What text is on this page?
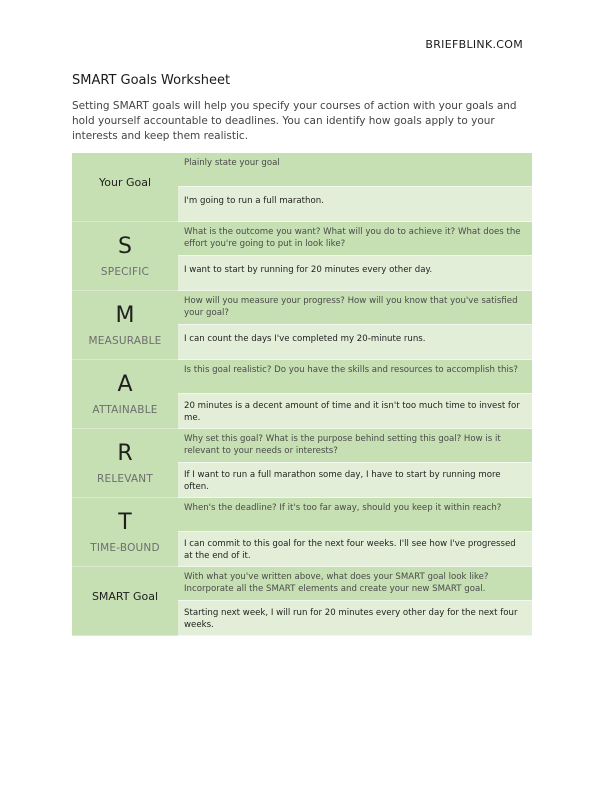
BRIEFBLINK.COM
SMART Goals Worksheet
Setting SMART goals will help you specify your courses of action with your goals and hold yourself accountable to deadlines. You can identify how goals apply to your interests and keep them realistic.
Your Goal
Plainly state your goal
I'm going to run a full marathon.
S
SPECIFIC
What is the outcome you want? What will you do to achieve it? What does the effort you're going to put in look like?
I want to start by running for 20 minutes every other day.
M
MEASURABLE
How will you measure your progress? How will you know that you've satisfied your goal?
I can count the days I've completed my 20-minute runs.
A
ATTAINABLE
Is this goal realistic? Do you have the skills and resources to accomplish this?
20 minutes is a decent amount of time and it isn't too much time to invest for me.
R
RELEVANT
Why set this goal? What is the purpose behind setting this goal? How is it relevant to your needs or interests?
If I want to run a full marathon some day, I have to start by running more often.
T
TIME-BOUND
When's the deadline? If it's too far away, should you keep it within reach?
I can commit to this goal for the next four weeks. I'll see how I've progressed at the end of it.
SMART Goal
With what you've written above, what does your SMART goal look like? Incorporate all the SMART elements and create your new SMART goal.
Starting next week, I will run for 20 minutes every other day for the next four weeks.
